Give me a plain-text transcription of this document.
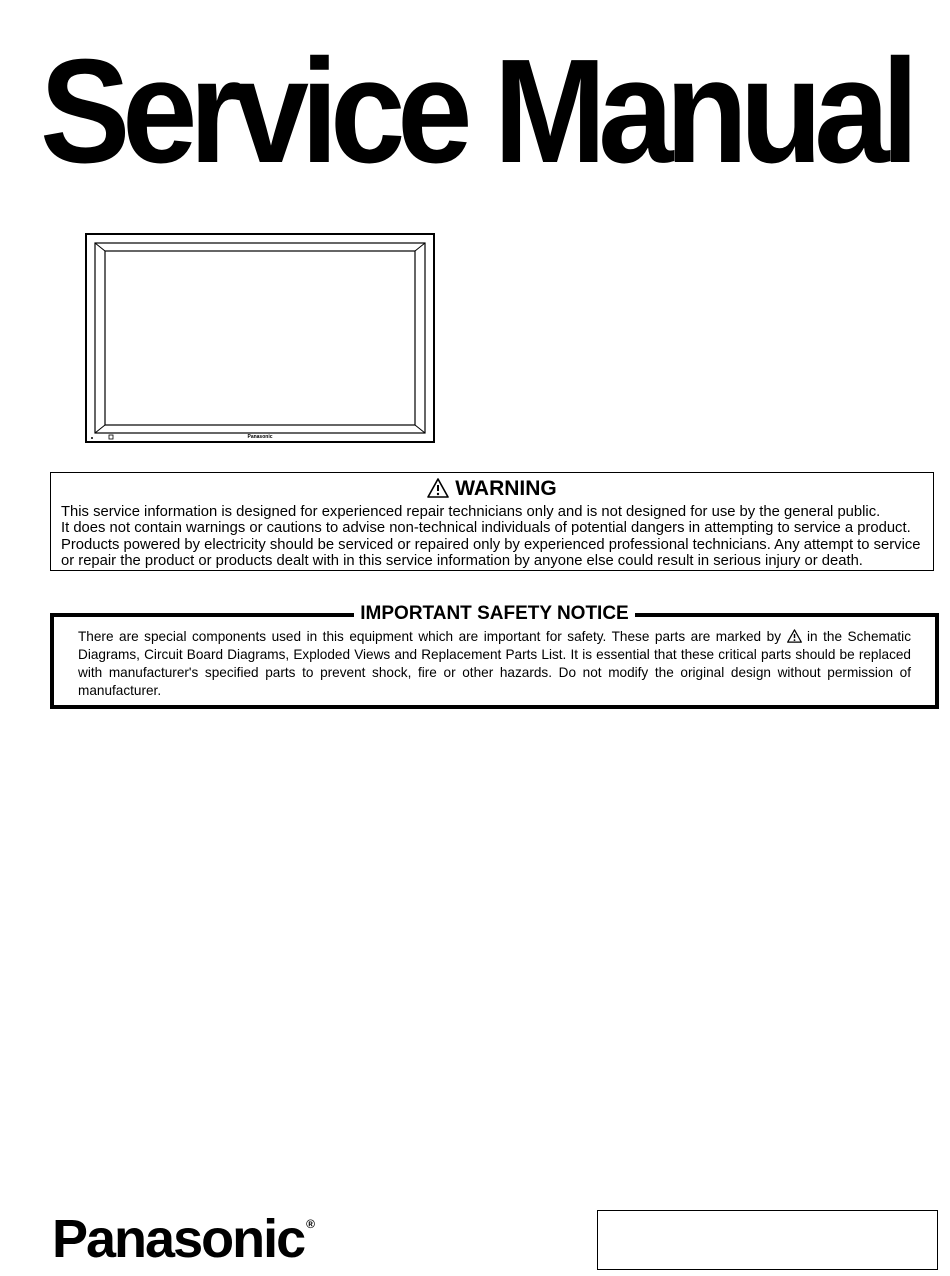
Service Manual
Panasonic
WARNING
This service information is designed for experienced repair technicians only and is not designed for use by the general public.
It does not contain warnings or cautions to advise non-technical individuals of potential dangers in attempting to service a product.
Products powered by electricity should be serviced or repaired only by experienced professional technicians. Any attempt to service
or repair the product or products dealt with in this service information by anyone else could result in serious injury or death.
IMPORTANT SAFETY NOTICE
There are special components used in this equipment which are important for safety. These parts are marked by in the Schematic Diagrams, Circuit Board Diagrams, Exploded Views and Replacement Parts List. It is essential that these critical parts should be replaced with manufacturer's specified parts to prevent shock, fire or other hazards. Do not modify the original design without permission of manufacturer.
Panasonic ®
